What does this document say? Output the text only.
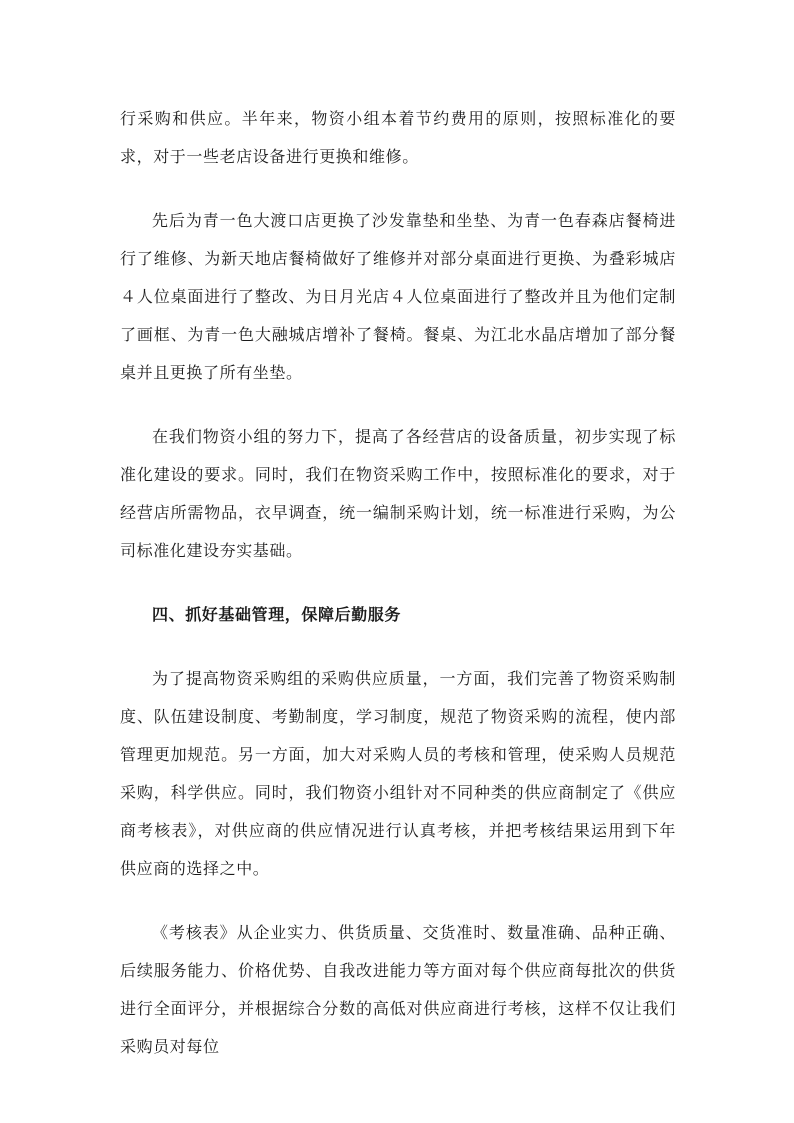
行采购和供应。半年来，物资小组本着节约费用的原则，按照标准化的要求，对于一些老店设备进行更换和维修。

先后为青一色大渡口店更换了沙发靠垫和坐垫、为青一色春森店餐椅进行了维修、为新天地店餐椅做好了维修并对部分桌面进行更换、为叠彩城店４人位桌面进行了整改、为日月光店４人位桌面进行了整改并且为他们定制了画框、为青一色大融城店增补了餐椅。餐桌、为江北水晶店增加了部分餐桌并且更换了所有坐垫。

在我们物资小组的努力下，提高了各经营店的设备质量，初步实现了标准化建设的要求。同时，我们在物资采购工作中，按照标准化的要求，对于经营店所需物品，衣早调查，统一编制采购计划，统一标准进行采购，为公司标准化建设夯实基础。

四、抓好基础管理，保障后勤服务

为了提高物资采购组的采购供应质量，一方面，我们完善了物资采购制度、队伍建设制度、考勤制度，学习制度，规范了物资采购的流程，使内部管理更加规范。另一方面，加大对采购人员的考核和管理，使采购人员规范采购，科学供应。同时，我们物资小组针对不同种类的供应商制定了《供应商考核表》，对供应商的供应情况进行认真考核，并把考核结果运用到下年供应商的选择之中。

《考核表》从企业实力、供货质量、交货准时、数量准确、品种正确、后续服务能力、价格优势、自我改进能力等方面对每个供应商每批次的供货进行全面评分，并根据综合分数的高低对供应商进行考核，这样不仅让我们采购员对每位
